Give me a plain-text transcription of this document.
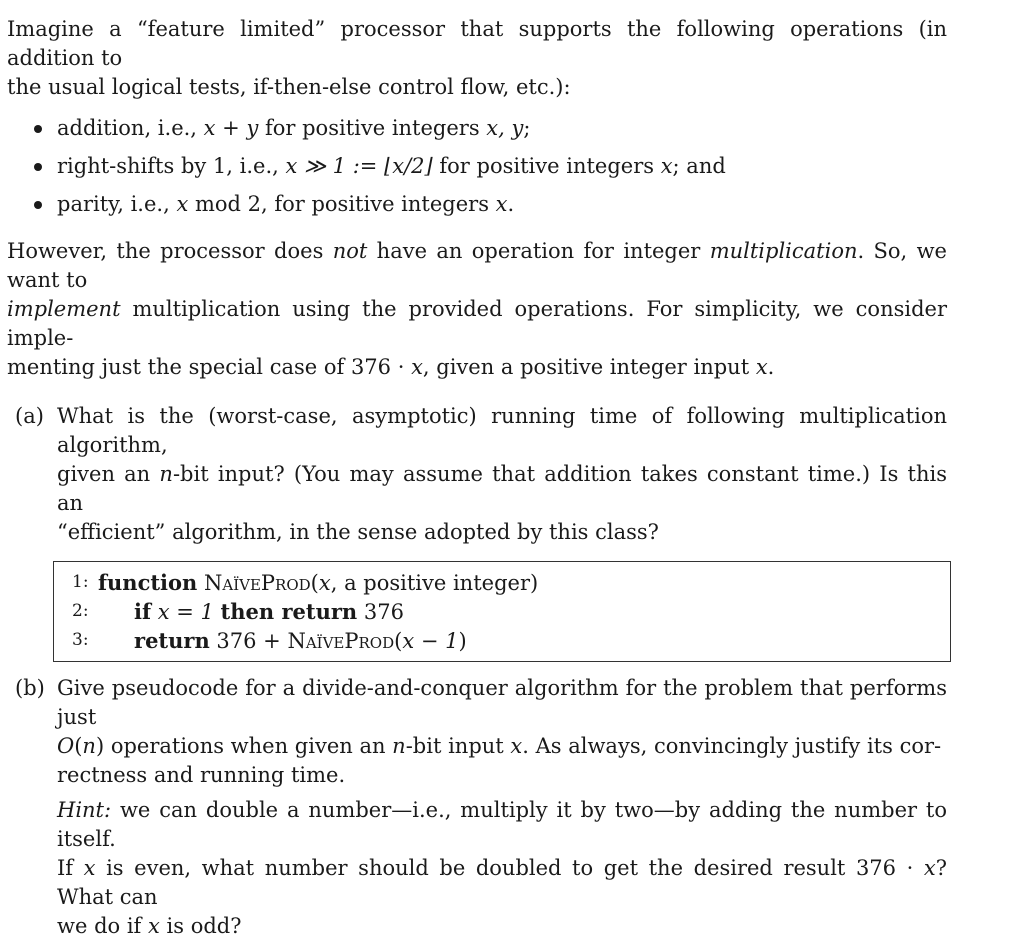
Imagine a “feature limited” processor that supports the following operations (in addition to
the usual logical tests, if-then-else control flow, etc.):

addition, i.e., x + y for positive integers x, y;
right-shifts by 1, i.e., x ≫ 1 := ⌊x/2⌋ for positive integers x; and
parity, i.e., x mod 2, for positive integers x.

However, the processor does not have an operation for integer multiplication. So, we want to
implement multiplication using the provided operations. For simplicity, we consider imple-
menting just the special case of 376 · x, given a positive integer input x.

(a) What is the (worst-case, asymptotic) running time of following multiplication algorithm,
given an n-bit input? (You may assume that addition takes constant time.) Is this an
“efficient” algorithm, in the sense adopted by this class?

1: function NaïveProd(x, a positive integer)
2: if x = 1 then return 376
3: return 376 + NaïveProd(x − 1)
(b) Give pseudocode for a divide-and-conquer algorithm for the problem that performs just
O(n) operations when given an n-bit input x. As always, convincingly justify its cor-
rectness and running time.

Hint: we can double a number—i.e., multiply it by two—by adding the number to itself.
If x is even, what number should be doubled to get the desired result 376 · x? What can
we do if x is odd?
